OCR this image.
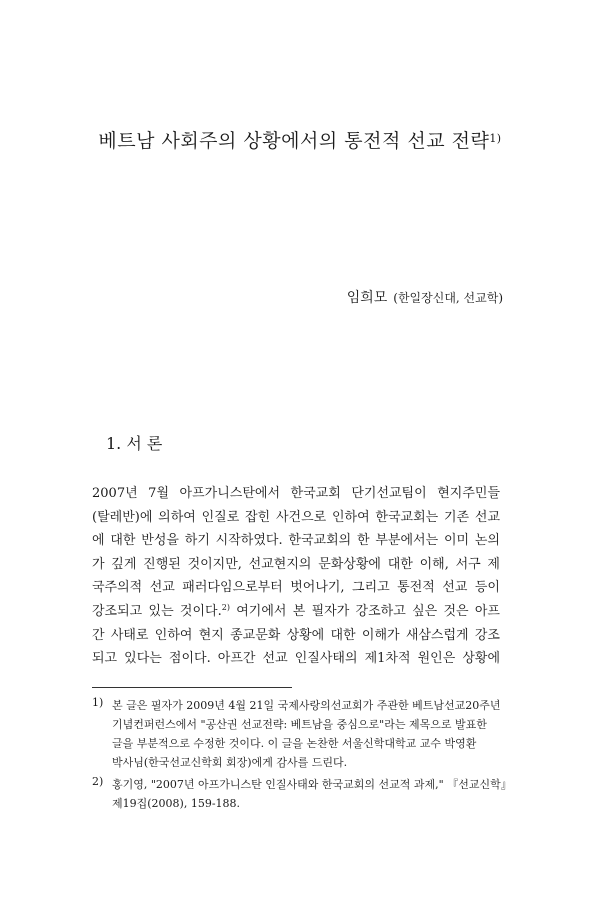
베트남 사회주의 상황에서의 통전적 선교 전략$^{1)}$
임희모 (한일장신대, 선교학)
1. 서 론
2007년 7월 아프가니스탄에서 한국교회 단기선교팀이 현지주민들
(탈레반)에 의하여 인질로 잡힌 사건으로 인하여 한국교회는 기존 선교
에 대한 반성을 하기 시작하였다. 한국교회의 한 부분에서는 이미 논의
가 깊게 진행된 것이지만, 선교현지의 문화상황에 대한 이해, 서구 제
국주의적 선교 패러다임으로부터 벗어나기, 그리고 통전적 선교 등이
강조되고 있는 것이다.$^{2)}$ 여기에서 본 필자가 강조하고 싶은 것은 아프
간 사태로 인하여 현지 종교문화 상황에 대한 이해가 새삼스럽게 강조
되고 있다는 점이다. 아프간 선교 인질사태의 제1차적 원인은 상황에
1) 본 글은 필자가 2009년 4월 21일 국제사랑의선교회가 주관한 베트남선교20주년
기념컨퍼런스에서 "공산권 선교전략: 베트남을 중심으로"라는 제목으로 발표한
글을 부분적으로 수정한 것이다. 이 글을 논찬한 서울신학대학교 교수 박영환
박사님(한국선교신학회 회장)에게 감사를 드린다.
2) 홍기영, "2007년 아프가니스탄 인질사태와 한국교회의 선교적 과제," 『선교신학』
제19집(2008), 159-188.
